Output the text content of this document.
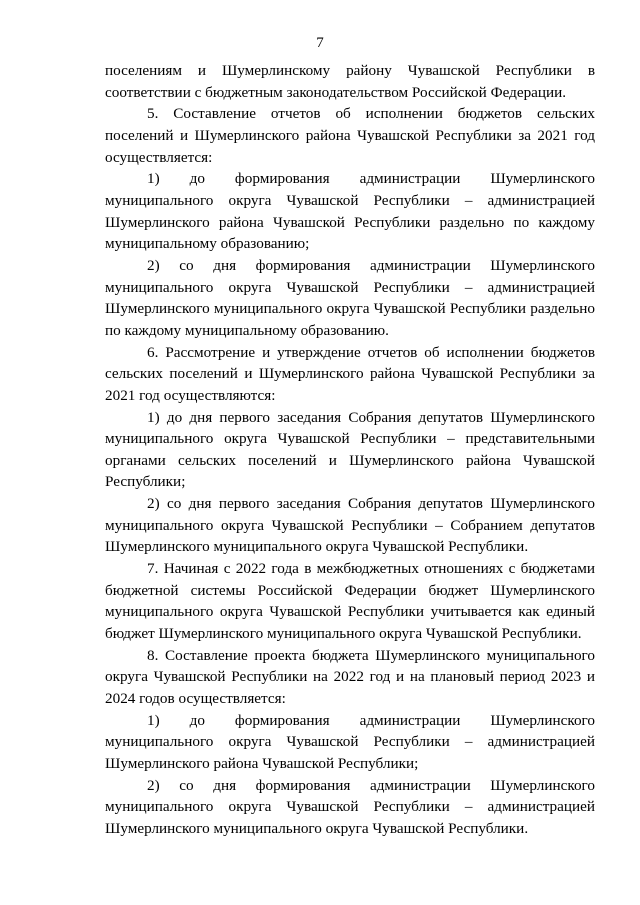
7

поселениям и Шумерлинскому району Чувашской Республики в соответствии с бюджетным законодательством Российской Федерации.

5. Составление отчетов об исполнении бюджетов сельских поселений и Шумерлинского района Чувашской Республики за 2021 год осуществляется:

1) до формирования администрации Шумерлинского муниципального округа Чувашской Республики – администрацией Шумерлинского района Чувашской Республики раздельно по каждому муниципальному образованию;

2) со дня формирования администрации Шумерлинского муниципального округа Чувашской Республики – администрацией Шумерлинского муниципального округа Чувашской Республики раздельно по каждому муниципальному образованию.

6. Рассмотрение и утверждение отчетов об исполнении бюджетов сельских поселений и Шумерлинского района Чувашской Республики за 2021 год осуществляются:

1) до дня первого заседания Собрания депутатов Шумерлинского муниципального округа Чувашской Республики – представительными органами сельских поселений и Шумерлинского района Чувашской Республики;

2) со дня первого заседания Собрания депутатов Шумерлинского муниципального округа Чувашской Республики – Собранием депутатов Шумерлинского муниципального округа Чувашской Республики.

7. Начиная с 2022 года в межбюджетных отношениях с бюджетами бюджетной системы Российской Федерации бюджет Шумерлинского муниципального округа Чувашской Республики учитывается как единый бюджет Шумерлинского муниципального округа Чувашской Республики.

8. Составление проекта бюджета Шумерлинского муниципального округа Чувашской Республики на 2022 год и на плановый период 2023 и 2024 годов осуществляется:

1) до формирования администрации Шумерлинского муниципального округа Чувашской Республики – администрацией Шумерлинского района Чувашской Республики;

2) со дня формирования администрации Шумерлинского муниципального округа Чувашской Республики – администрацией Шумерлинского муниципального округа Чувашской Республики.
